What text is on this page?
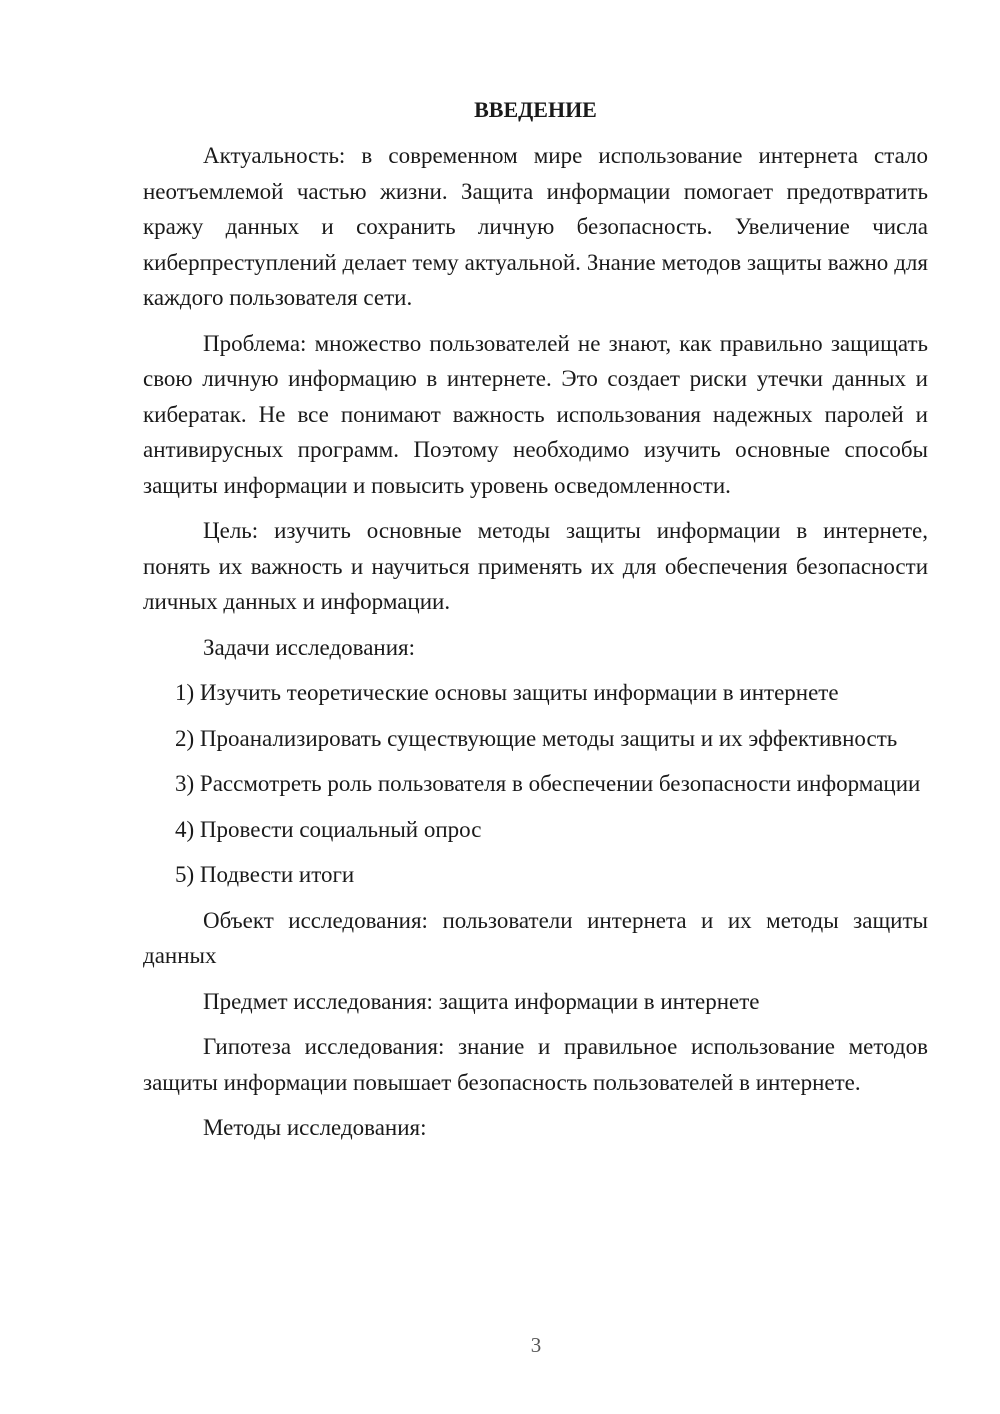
ВВЕДЕНИЕ

Актуальность: в современном мире использование интернета стало неотъемлемой частью жизни. Защита информации помогает предотвратить кражу данных и сохранить личную безопасность. Увеличение числа киберпреступлений делает тему актуальной. Знание методов защиты важно для каждого пользователя сети.

Проблема: множество пользователей не знают, как правильно защищать свою личную информацию в интернете. Это создает риски утечки данных и кибератак. Не все понимают важность использования надежных паролей и антивирусных программ. Поэтому необходимо изучить основные способы защиты информации и повысить уровень осведомленности.

Цель: изучить основные методы защиты информации в интернете, понять их важность и научиться применять их для обеспечения безопасности личных данных и информации.

Задачи исследования:

1) Изучить теоретические основы защиты информации в интернете

2) Проанализировать существующие методы защиты и их эффективность

3) Рассмотреть роль пользователя в обеспечении безопасности информации

4) Провести социальный опрос

5) Подвести итоги

Объект исследования: пользователи интернета и их методы защиты данных

Предмет исследования: защита информации в интернете

Гипотеза исследования: знание и правильное использование методов защиты информации повышает безопасность пользователей в интернете.

Методы исследования:

3
